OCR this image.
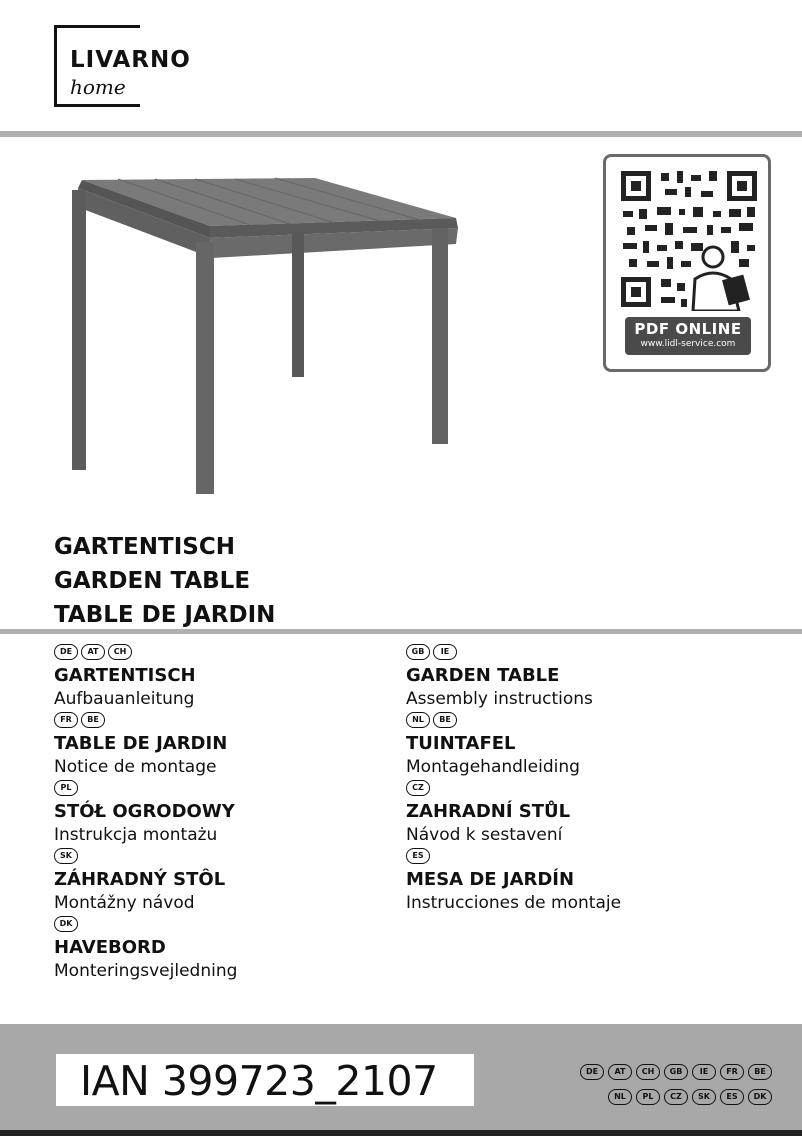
LIVARNO
home
PDF ONLINE
www.lidl-service.com
GARTENTISCH
GARDEN TABLE
TABLE DE JARDIN
DE	AT	CH
GARTENTISCH
Aufbauanleitung
FR	BE
TABLE DE JARDIN
Notice de montage
PL
STÓŁ OGRODOWY
Instrukcja montażu
SK
ZÁHRADNÝ STÔL
Montážny návod
DK
HAVEBORD
Monteringsvejledning
GB	IE
GARDEN TABLE
Assembly instructions
NL	BE
TUINTAFEL
Montagehandleiding
CZ
ZAHRADNÍ STŮL
Návod k sestavení
ES
MESA DE JARDÍN
Instrucciones de montaje
IAN 399723_2107	DE	AT	CH	GB	IE	FR	BE
NL	PL	CZ	SK	ES	DK
